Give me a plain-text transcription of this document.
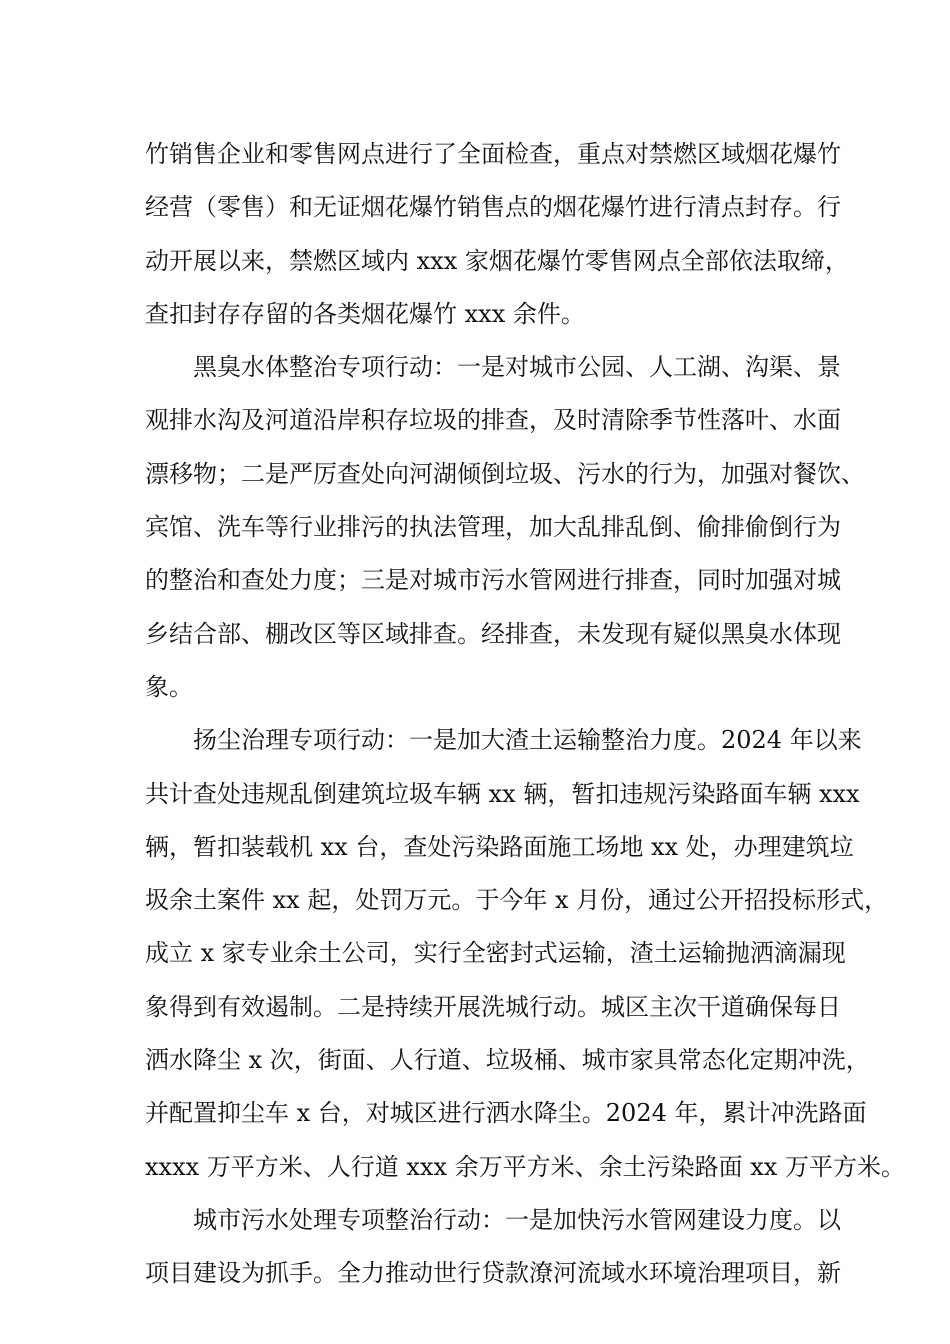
竹销售企业和零售网点进行了全面检查，重点对禁燃区域烟花爆竹

经营（零售）和无证烟花爆竹销售点的烟花爆竹进行清点封存。行

动开展以来，禁燃区域内 xxx 家烟花爆竹零售网点全部依法取缔，

查扣封存存留的各类烟花爆竹 xxx 余件。

黑臭水体整治专项行动：一是对城市公园、人工湖、沟渠、景

观排水沟及河道沿岸积存垃圾的排查，及时清除季节性落叶、水面

漂移物；二是严厉查处向河湖倾倒垃圾、污水的行为，加强对餐饮、

宾馆、洗车等行业排污的执法管理，加大乱排乱倒、偷排偷倒行为

的整治和查处力度；三是对城市污水管网进行排查，同时加强对城

乡结合部、棚改区等区域排查。经排查，未发现有疑似黑臭水体现

象。

扬尘治理专项行动：一是加大渣土运输整治力度。2024 年以来

共计查处违规乱倒建筑垃圾车辆 xx 辆，暂扣违规污染路面车辆 xxx

辆，暂扣装载机 xx 台，查处污染路面施工场地 xx 处，办理建筑垃

圾余土案件 xx 起，处罚万元。于今年 x 月份，通过公开招投标形式，

成立 x 家专业余土公司，实行全密封式运输，渣土运输抛洒滴漏现

象得到有效遏制。二是持续开展洗城行动。城区主次干道确保每日

洒水降尘 x 次，街面、人行道、垃圾桶、城市家具常态化定期冲洗，

并配置抑尘车 x 台，对城区进行洒水降尘。2024 年，累计冲洗路面

xxxx 万平方米、人行道 xxx 余万平方米、余土污染路面 xx 万平方米。

城市污水处理专项整治行动：一是加快污水管网建设力度。以

项目建设为抓手。全力推动世行贷款潦河流域水环境治理项目，新
